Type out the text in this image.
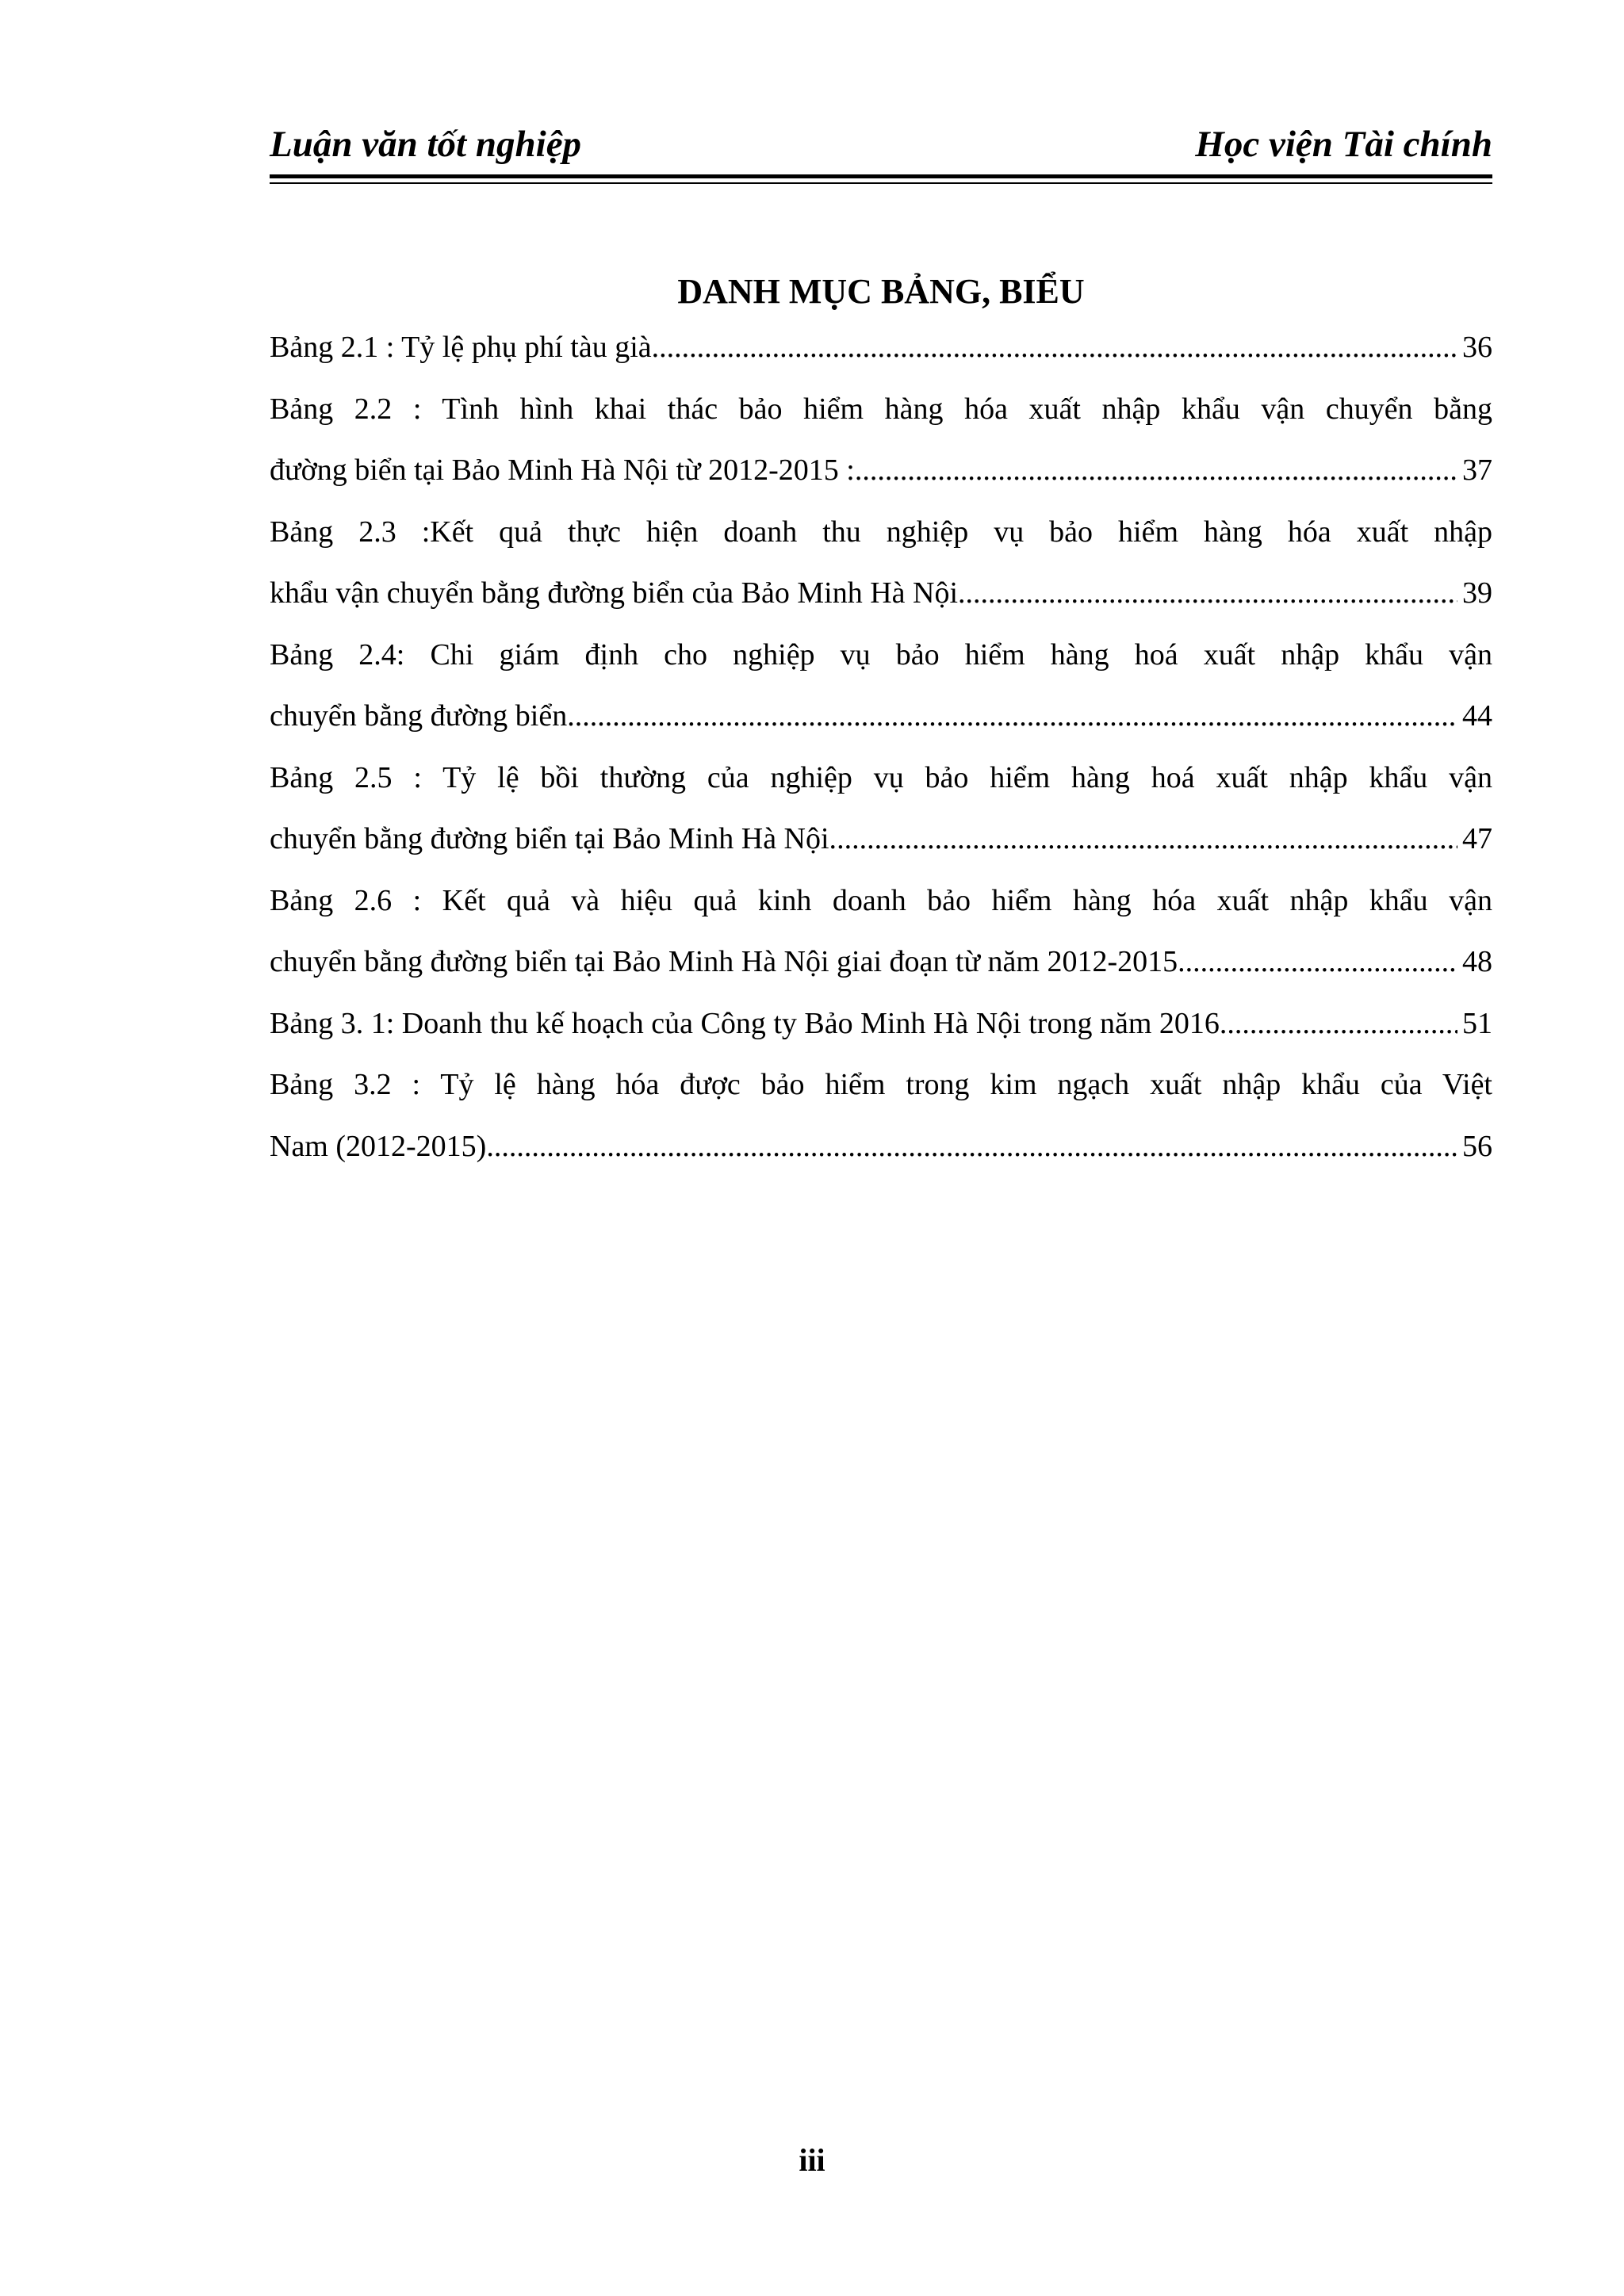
Luận văn tốt nghiệp	Học viện Tài chính
DANH MỤC BẢNG, BIỂU
Bảng 2.1 : Tỷ lệ phụ phí tàu già .....	36
Bảng 2.2 : Tình hình khai thác bảo hiểm hàng hóa xuất nhập khẩu vận chuyển bằng
đường biển tại Bảo Minh Hà Nội từ 2012-2015 : .....	37
Bảng 2.3 :Kết quả thực hiện doanh thu nghiệp vụ bảo hiểm hàng hóa xuất nhập
khẩu vận chuyển bằng đường biển của Bảo Minh Hà Nội .....	39
Bảng 2.4: Chi giám định cho nghiệp vụ bảo hiểm hàng hoá xuất nhập khẩu vận
chuyển bằng đường biển. .....	44
Bảng 2.5 : Tỷ lệ bồi thường của nghiệp vụ bảo hiểm hàng hoá xuất nhập khẩu vận
chuyển bằng đường biển tại Bảo Minh Hà Nội. .....	47
Bảng 2.6 : Kết quả và hiệu quả kinh doanh bảo hiểm hàng hóa xuất nhập khẩu vận
chuyển bằng đường biển tại Bảo Minh Hà Nội giai đoạn từ năm 2012-2015 .....	48
Bảng 3. 1: Doanh thu kế hoạch của Công ty Bảo Minh Hà Nội trong năm 2016 .....	51
Bảng 3.2 : Tỷ lệ hàng hóa được bảo hiểm trong kim ngạch xuất nhập khẩu của Việt
Nam (2012-2015) .....	56
iii
